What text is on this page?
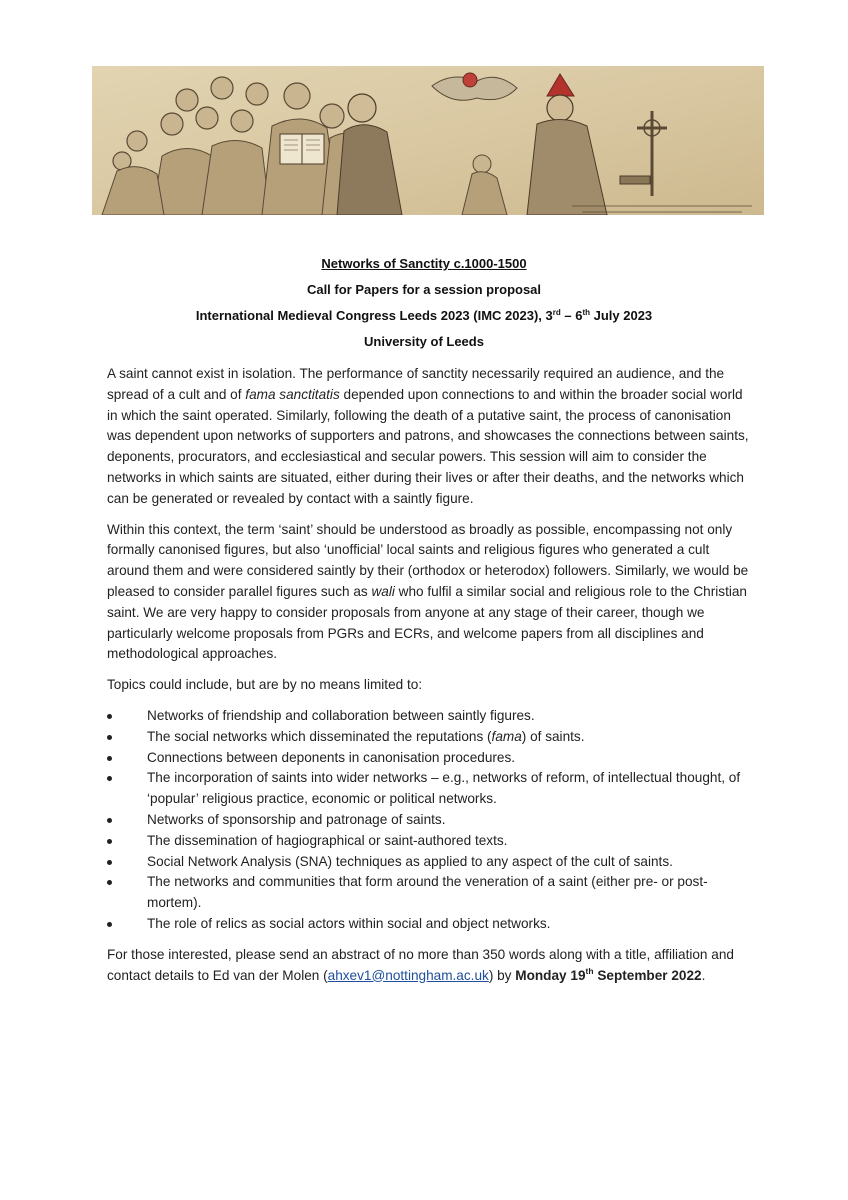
Networks of Sanctity c.1000-1500
Call for Papers for a session proposal
International Medieval Congress Leeds 2023 (IMC 2023), 3rd – 6th July 2023
University of Leeds

A saint cannot exist in isolation. The performance of sanctity necessarily required an audience, and the spread of a cult and of fama sanctitatis depended upon connections to and within the broader social world in which the saint operated. Similarly, following the death of a putative saint, the process of canonisation was dependent upon networks of supporters and patrons, and showcases the connections between saints, deponents, procurators, and ecclesiastical and secular powers. This session will aim to consider the networks in which saints are situated, either during their lives or after their deaths, and the networks which can be generated or revealed by contact with a saintly figure.

Within this context, the term ‘saint’ should be understood as broadly as possible, encompassing not only formally canonised figures, but also ‘unofficial’ local saints and religious figures who generated a cult around them and were considered saintly by their (orthodox or heterodox) followers. Similarly, we would be pleased to consider parallel figures such as wali who fulfil a similar social and religious role to the Christian saint. We are very happy to consider proposals from anyone at any stage of their career, though we particularly welcome proposals from PGRs and ECRs, and welcome papers from all disciplines and methodological approaches.

Topics could include, but are by no means limited to:

Networks of friendship and collaboration between saintly figures.
The social networks which disseminated the reputations (fama) of saints.
Connections between deponents in canonisation procedures.
The incorporation of saints into wider networks – e.g., networks of reform, of intellectual thought, of ‘popular’ religious practice, economic or political networks.
Networks of sponsorship and patronage of saints.
The dissemination of hagiographical or saint-authored texts.
Social Network Analysis (SNA) techniques as applied to any aspect of the cult of saints.
The networks and communities that form around the veneration of a saint (either pre- or post-mortem).
The role of relics as social actors within social and object networks.

For those interested, please send an abstract of no more than 350 words along with a title, affiliation and contact details to Ed van der Molen (ahxev1@nottingham.ac.uk) by Monday 19th September 2022.
